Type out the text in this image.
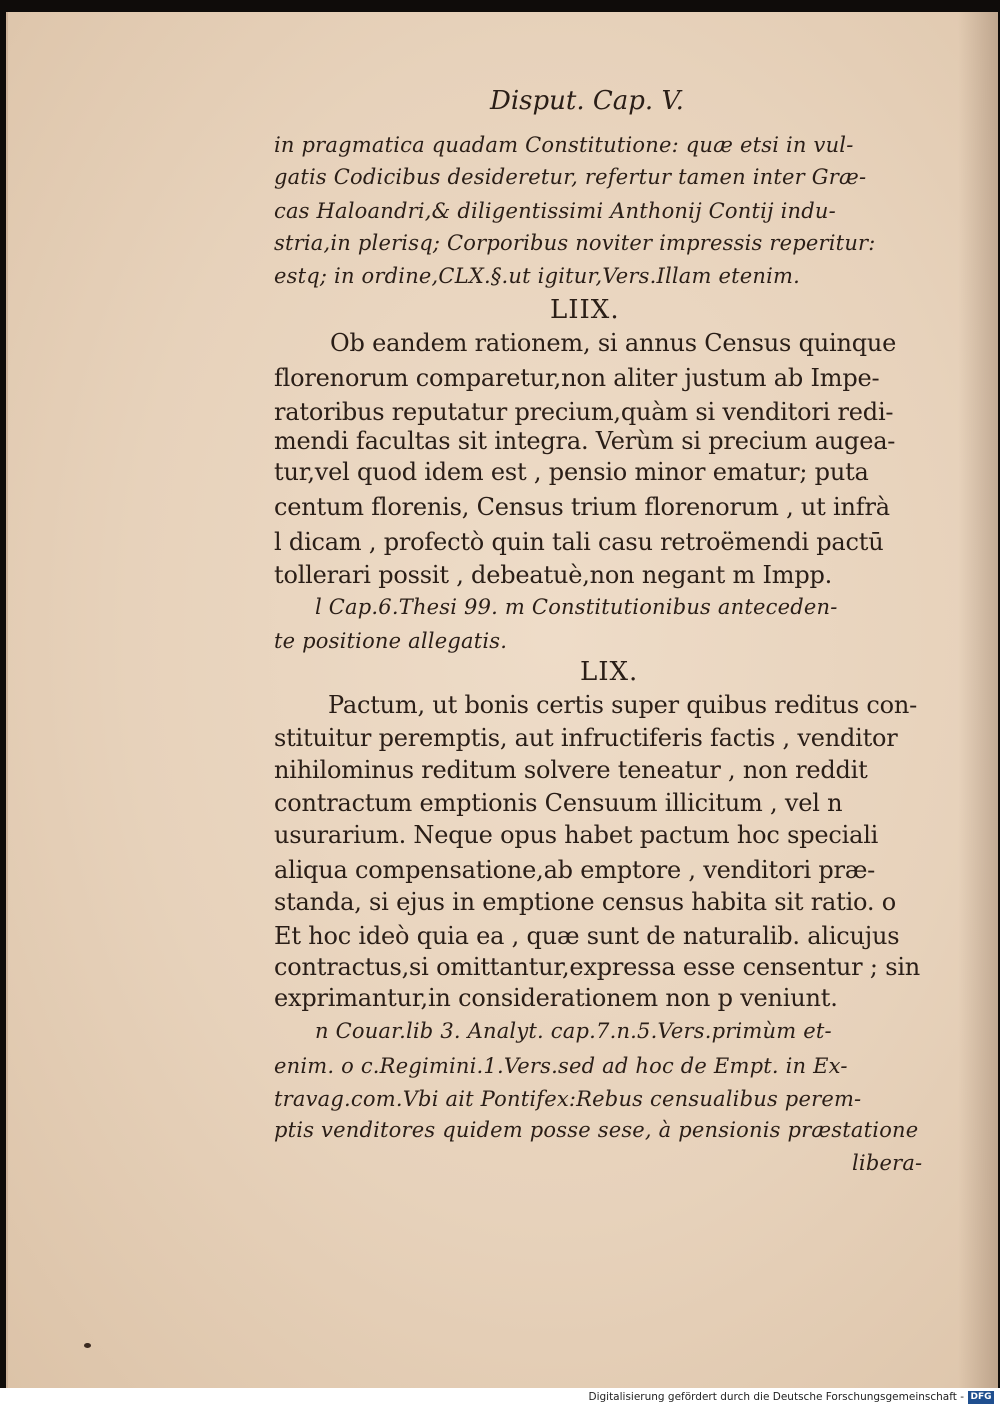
Disput. Cap. V.
in pragmatica quadam Constitutione: quæ etsi in vul-
gatis Codicibus desideretur, refertur tamen inter Græ-
cas Haloandri,& diligentissimi Anthonij Contij indu-
stria,in plerisq; Corporibus noviter impressis reperitur:
estq; in ordine,CLX.§.ut igitur,Vers.Illam etenim.
LIIX.
Ob eandem rationem, si annus Census quinque
florenorum comparetur,non aliter justum ab Impe-
ratoribus reputatur precium,quàm si venditori redi-
mendi facultas sit integra. Verùm si precium augea-
tur,vel quod idem est , pensio minor ematur; puta
centum florenis, Census trium florenorum , ut infrà
l dicam , profectò quin tali casu retroëmendi pactū
tollerari possit , debeatuè,non negant m Impp.
l Cap.6.Thesi 99. m Constitutionibus anteceden-
te positione allegatis.
LIX.
Pactum, ut bonis certis super quibus reditus con-
stituitur peremptis, aut infructiferis factis , venditor
nihilominus reditum solvere teneatur , non reddit
contractum emptionis Censuum illicitum , vel n
usurarium. Neque opus habet pactum hoc speciali
aliqua compensatione,ab emptore , venditori præ-
standa, si ejus in emptione census habita sit ratio. o
Et hoc ideò quia ea , quæ sunt de naturalib. alicujus
contractus,si omittantur,expressa esse censentur ; sin
exprimantur,in considerationem non p veniunt.
n Couar.lib 3. Analyt. cap.7.n.5.Vers.primùm et-
enim. o c.Regimini.1.Vers.sed ad hoc de Empt. in Ex-
travag.com.Vbi ait Pontifex:Rebus censualibus perem-
ptis venditores quidem posse sese, à pensionis præstatione
libera-
Digitalisierung gefördert durch die Deutsche Forschungsgemeinschaft - DFG
